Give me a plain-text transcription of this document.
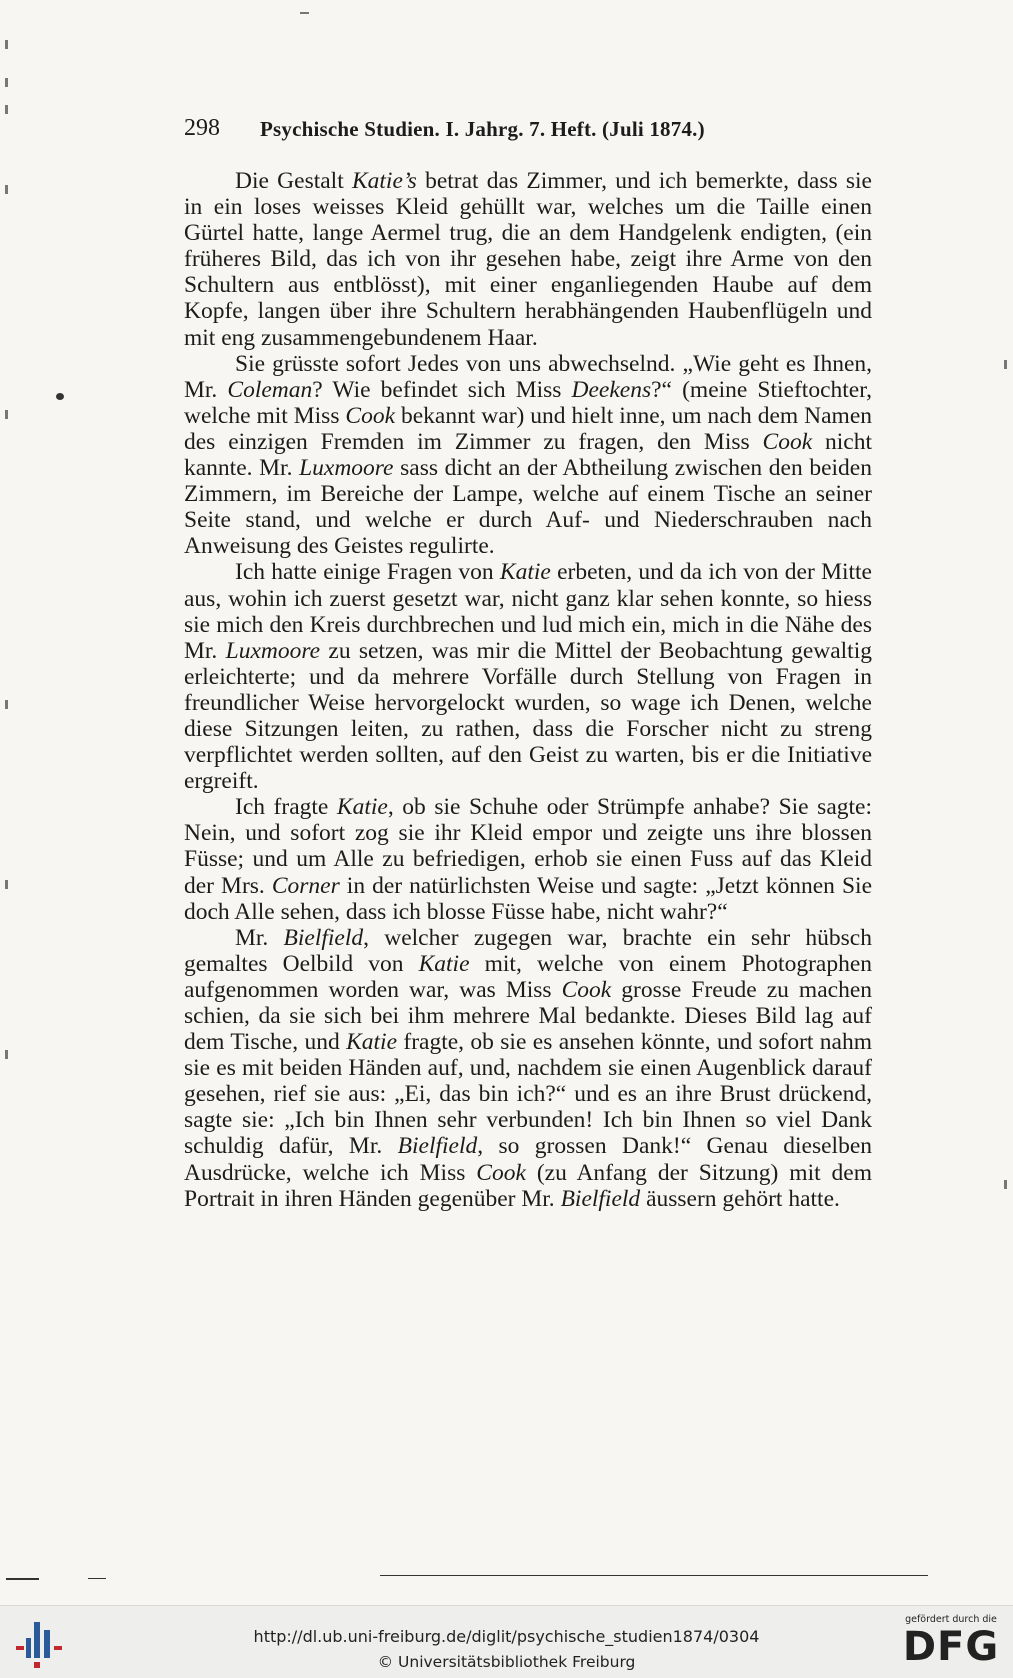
298 Psychische Studien. I. Jahrg. 7. Heft. (Juli 1874.)

Die Gestalt Katie’s betrat das Zimmer, und ich bemerkte, dass sie in ein loses weisses Kleid gehüllt war, welches um die Taille einen Gürtel hatte, lange Aermel trug, die an dem Handgelenk endigten, (ein früheres Bild, das ich von ihr gesehen habe, zeigt ihre Arme von den Schultern aus entblösst), mit einer enganliegenden Haube auf dem Kopfe, langen über ihre Schultern herabhängenden Haubenflügeln und mit eng zusammengebundenem Haar.

Sie grüsste sofort Jedes von uns abwechselnd. „Wie geht es Ihnen, Mr. Coleman? Wie befindet sich Miss Deekens?“ (meine Stieftochter, welche mit Miss Cook bekannt war) und hielt inne, um nach dem Namen des einzigen Fremden im Zimmer zu fragen, den Miss Cook nicht kannte. Mr. Luxmoore sass dicht an der Abtheilung zwischen den beiden Zimmern, im Bereiche der Lampe, welche auf einem Tische an seiner Seite stand, und welche er durch Auf- und Niederschrauben nach Anweisung des Geistes regulirte.

Ich hatte einige Fragen von Katie erbeten, und da ich von der Mitte aus, wohin ich zuerst gesetzt war, nicht ganz klar sehen konnte, so hiess sie mich den Kreis durchbrechen und lud mich ein, mich in die Nähe des Mr. Luxmoore zu setzen, was mir die Mittel der Beobachtung gewaltig erleichterte; und da mehrere Vorfälle durch Stellung von Fragen in freundlicher Weise hervorgelockt wurden, so wage ich Denen, welche diese Sitzungen leiten, zu rathen, dass die Forscher nicht zu streng verpflichtet werden sollten, auf den Geist zu warten, bis er die Initiative ergreift.

Ich fragte Katie, ob sie Schuhe oder Strümpfe anhabe? Sie sagte: Nein, und sofort zog sie ihr Kleid empor und zeigte uns ihre blossen Füsse; und um Alle zu befriedigen, erhob sie einen Fuss auf das Kleid der Mrs. Corner in der natürlichsten Weise und sagte: „Jetzt können Sie doch Alle sehen, dass ich blosse Füsse habe, nicht wahr?“

Mr. Bielfield, welcher zugegen war, brachte ein sehr hübsch gemaltes Oelbild von Katie mit, welche von einem Photographen aufgenommen worden war, was Miss Cook grosse Freude zu machen schien, da sie sich bei ihm mehrere Mal bedankte. Dieses Bild lag auf dem Tische, und Katie fragte, ob sie es ansehen könnte, und sofort nahm sie es mit beiden Händen auf, und, nachdem sie einen Augenblick darauf gesehen, rief sie aus: „Ei, das bin ich?“ und es an ihre Brust drückend, sagte sie: „Ich bin Ihnen sehr verbunden! Ich bin Ihnen so viel Dank schuldig dafür, Mr. Bielfield, so grossen Dank!“ Genau dieselben Ausdrücke, welche ich Miss Cook (zu Anfang der Sitzung) mit dem Portrait in ihren Händen gegenüber Mr. Bielfield äussern gehört hatte.

http://dl.ub.uni-freiburg.de/diglit/psychische_studien1874/0304
© Universitätsbibliothek Freiburg
gefördert durch die
DFG
